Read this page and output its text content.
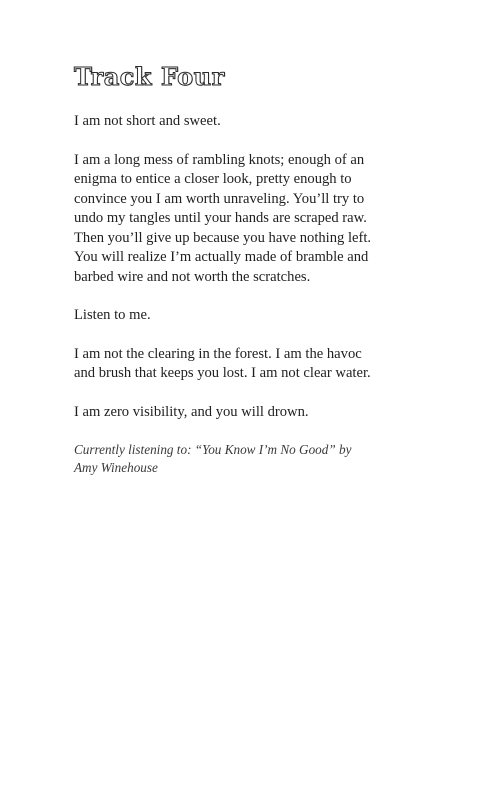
Track Four

I am not short and sweet.

I am a long mess of rambling knots; enough of an enigma to entice a closer look, pretty enough to convince you I am worth unraveling. You’ll try to undo my tangles until your hands are scraped raw. Then you’ll give up because you have nothing left. You will realize I’m actually made of bramble and barbed wire and not worth the scratches.

Listen to me.

I am not the clearing in the forest. I am the havoc and brush that keeps you lost. I am not clear water.

I am zero visibility, and you will drown.

Currently listening to: “You Know I’m No Good” by Amy Winehouse
